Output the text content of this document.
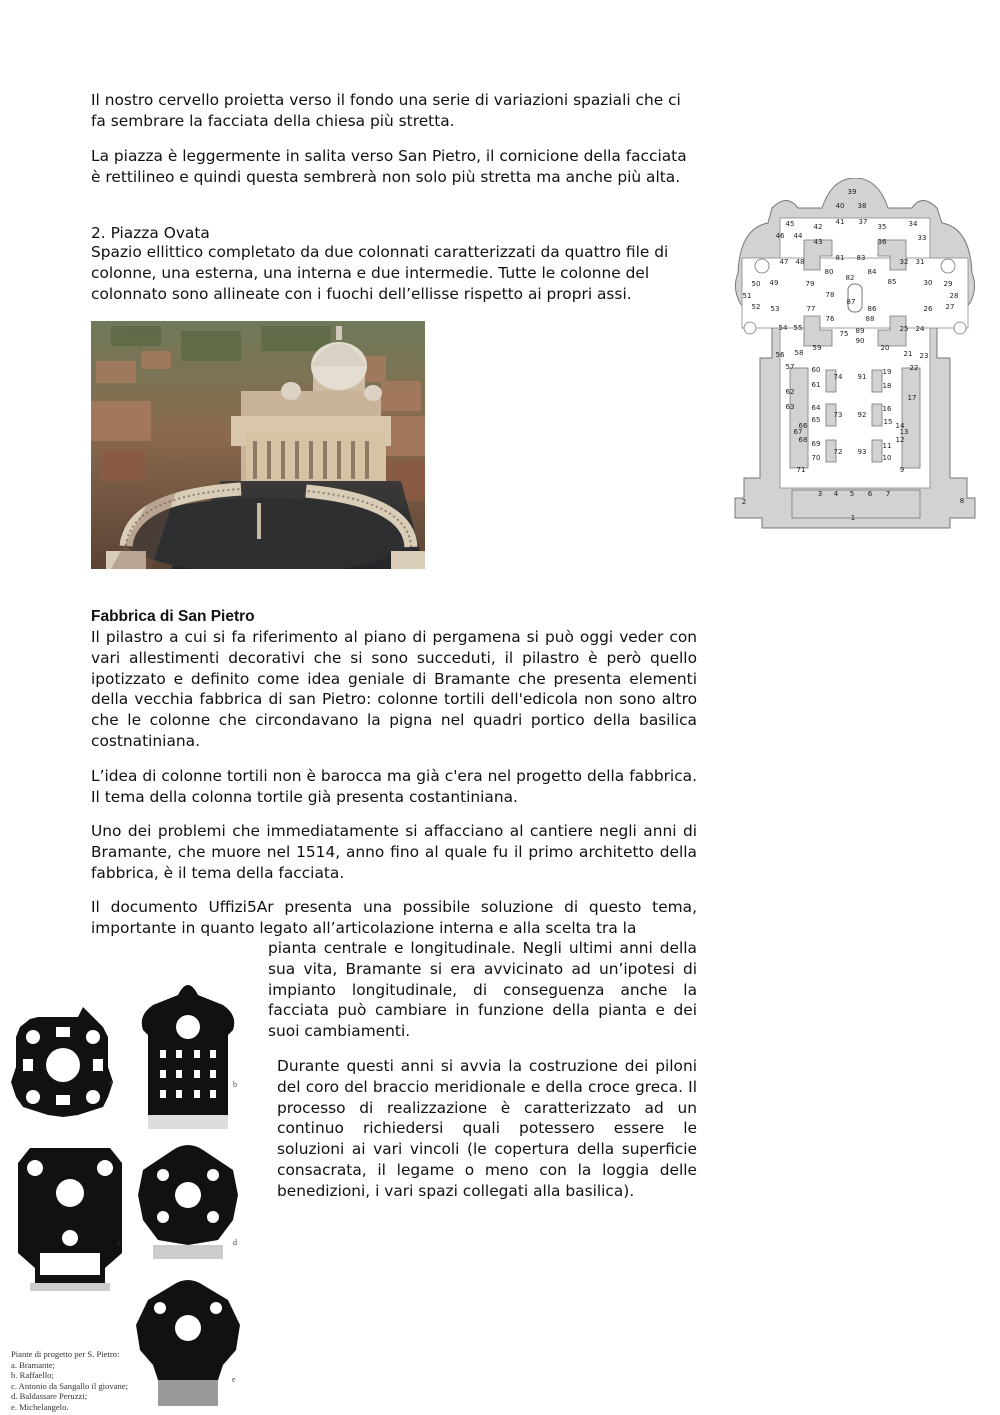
Il nostro cervello proietta verso il fondo una serie di variazioni spaziali che ci fa sembrare la facciata della chiesa più stretta.

La piazza è leggermente in salita verso San Pietro, il cornicione della facciata è rettilineo e quindi questa sembrerà non solo più stretta ma anche più alta.

2. Piazza Ovata

Spazio ellittico completato da due colonnati caratterizzati da quattro file di colonne, una esterna, una interna e due intermedie. Tutte le colonne del colonnato sono allineate con i fuochi dell’ellisse rispetto ai propri assi.

1
2
3 4 5 6 7
8
9
10
11
12
13
14
15
16
17
18
19
20
21
22
23
24
25
26 27
28
29
30
31
32
33
34
35
36
37
38
39
40
41
42
43
44
45
46
47 48
49
50
51
52 53
54 55
56
57
58
59
60
61
62
63 64
65
66
67
68 69
70
71
72
73
74
75
76
77
78
79
80
81
82
83
84
85
86
87
88
89
90
91
92
93

Fabbrica di San Pietro

Il pilastro a cui si fa riferimento al piano di pergamena si può oggi veder con vari allestimenti decorativi che si sono succeduti, il pilastro è però quello ipotizzato e definito come idea geniale di Bramante che presenta elementi della vecchia fabbrica di san Pietro: colonne tortili dell'edicola non sono altro che le colonne che circondavano la pigna nel quadri portico della basilica costnatiniana.

L’idea di colonne tortili non è barocca ma già c'era nel progetto della fabbrica. Il tema della colonna tortile già presenta costantiniana.

Uno dei problemi che immediatamente si affacciano al cantiere negli anni di Bramante, che muore nel 1514, anno fino al quale fu il primo architetto della fabbrica, è il tema della facciata.

Il documento Uffizi5Ar presenta una possibile soluzione di questo tema, importante in quanto legato all’articolazione interna e alla scelta tra la

pianta centrale e longitudinale. Negli ultimi anni della sua vita, Bramante si era avvicinato ad un’ipotesi di impianto longitudinale, di conseguenza anche la facciata può cambiare in funzione della pianta e dei suoi cambiamenti.

Durante questi anni si avvia la costruzione dei piloni del coro del braccio meridionale e della croce greca. Il processo di realizzazione è caratterizzato ad un continuo richiedersi quali potessero essere le soluzioni ai vari vincoli (le copertura della superficie consacrata, il legame o meno con la loggia delle benedizioni, i vari spazi collegati alla basilica).

a	b
c	d
e
Piante di progetto per S. Pietro:
a. Bramante;
b. Raffaello;
c. Antonio da Sangallo il giovane;
d. Baldassare Peruzzi;
e. Michelangelo.
